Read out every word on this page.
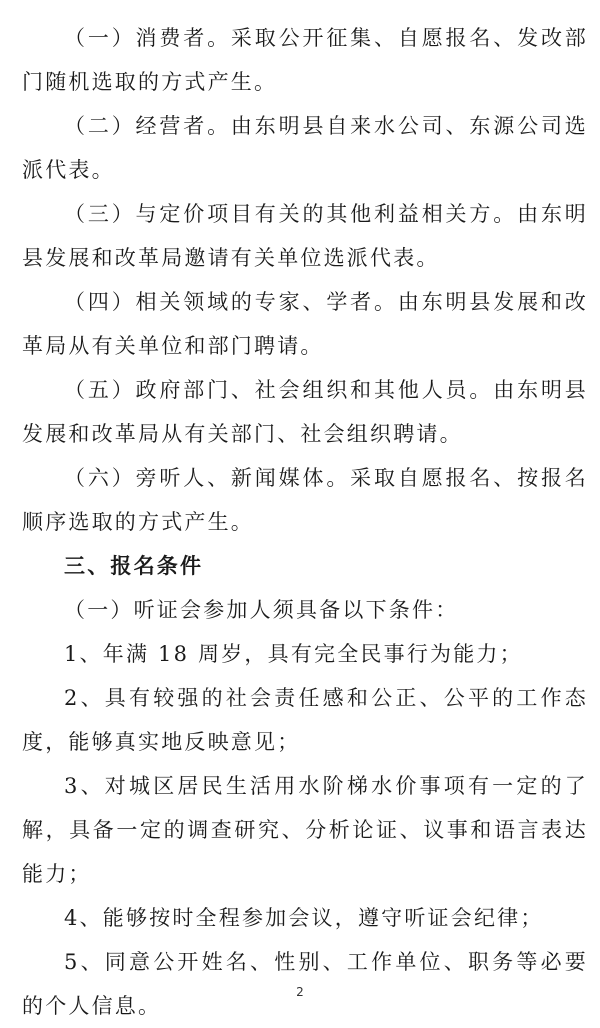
（一）消费者。采取公开征集、自愿报名、发改部门随机选取的方式产生。

（二）经营者。由东明县自来水公司、东源公司选派代表。

（三）与定价项目有关的其他利益相关方。由东明县发展和改革局邀请有关单位选派代表。

（四）相关领域的专家、学者。由东明县发展和改革局从有关单位和部门聘请。

（五）政府部门、社会组织和其他人员。由东明县发展和改革局从有关部门、社会组织聘请。

（六）旁听人、新闻媒体。采取自愿报名、按报名顺序选取的方式产生。

三、报名条件

（一）听证会参加人须具备以下条件：

1、年满 18 周岁，具有完全民事行为能力；

2、具有较强的社会责任感和公正、公平的工作态度，能够真实地反映意见；

3、对城区居民生活用水阶梯水价事项有一定的了解，具备一定的调查研究、分析论证、议事和语言表达能力；

4、能够按时全程参加会议，遵守听证会纪律；

5、同意公开姓名、性别、工作单位、职务等必要的个人信息。

2
